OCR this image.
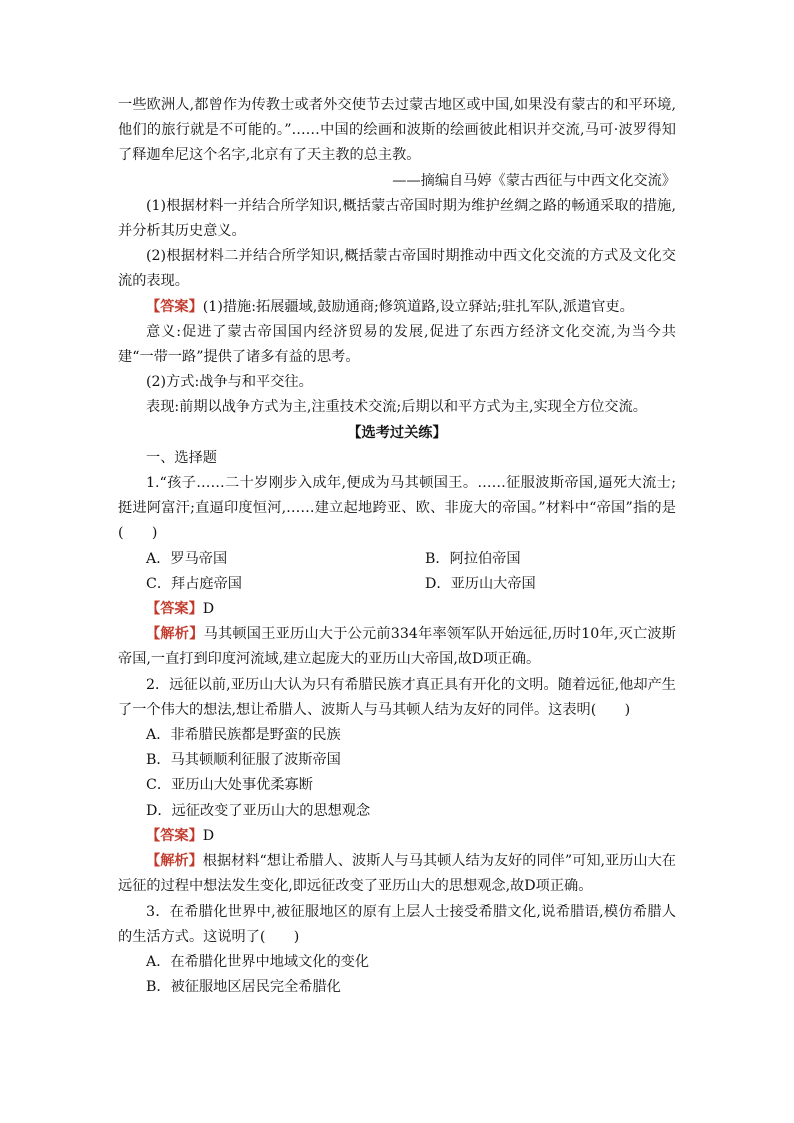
一些欧洲人,都曾作为传教士或者外交使节去过蒙古地区或中国,如果没有蒙古的和平环境,他们的旅行就是不可能的。”……中国的绘画和波斯的绘画彼此相识并交流,马可·波罗得知了释迦牟尼这个名字,北京有了天主教的总主教。

——摘编自马婷《蒙古西征与中西文化交流》

(1)根据材料一并结合所学知识,概括蒙古帝国时期为维护丝绸之路的畅通采取的措施,并分析其历史意义。

(2)根据材料二并结合所学知识,概括蒙古帝国时期推动中西文化交流的方式及文化交流的表现。

【答案】(1)措施:拓展疆域,鼓励通商;修筑道路,设立驿站;驻扎军队,派遣官吏。

意义:促进了蒙古帝国国内经济贸易的发展,促进了东西方经济文化交流,为当今共建“一带一路”提供了诸多有益的思考。

(2)方式:战争与和平交往。

表现:前期以战争方式为主,注重技术交流;后期以和平方式为主,实现全方位交流。

【选考过关练】

一、选择题

1.“孩子……二十岁刚步入成年,便成为马其顿国王。……征服波斯帝国,逼死大流士;挺进阿富汗;直逼印度恒河,……建立起地跨亚、欧、非庞大的帝国。”材料中“帝国”指的是(　　)

A．罗马帝国	B．阿拉伯帝国
C．拜占庭帝国	D．亚历山大帝国

【答案】D

【解析】马其顿国王亚历山大于公元前334年率领军队开始远征,历时10年,灭亡波斯帝国,一直打到印度河流域,建立起庞大的亚历山大帝国,故D项正确。

2．远征以前,亚历山大认为只有希腊民族才真正具有开化的文明。随着远征,他却产生了一个伟大的想法,想让希腊人、波斯人与马其顿人结为友好的同伴。这表明(　　)

A．非希腊民族都是野蛮的民族

B．马其顿顺利征服了波斯帝国

C．亚历山大处事优柔寡断

D．远征改变了亚历山大的思想观念

【答案】D

【解析】根据材料“想让希腊人、波斯人与马其顿人结为友好的同伴”可知,亚历山大在远征的过程中想法发生变化,即远征改变了亚历山大的思想观念,故D项正确。

3．在希腊化世界中,被征服地区的原有上层人士接受希腊文化,说希腊语,模仿希腊人的生活方式。这说明了(　　)

A．在希腊化世界中地域文化的变化

B．被征服地区居民完全希腊化
